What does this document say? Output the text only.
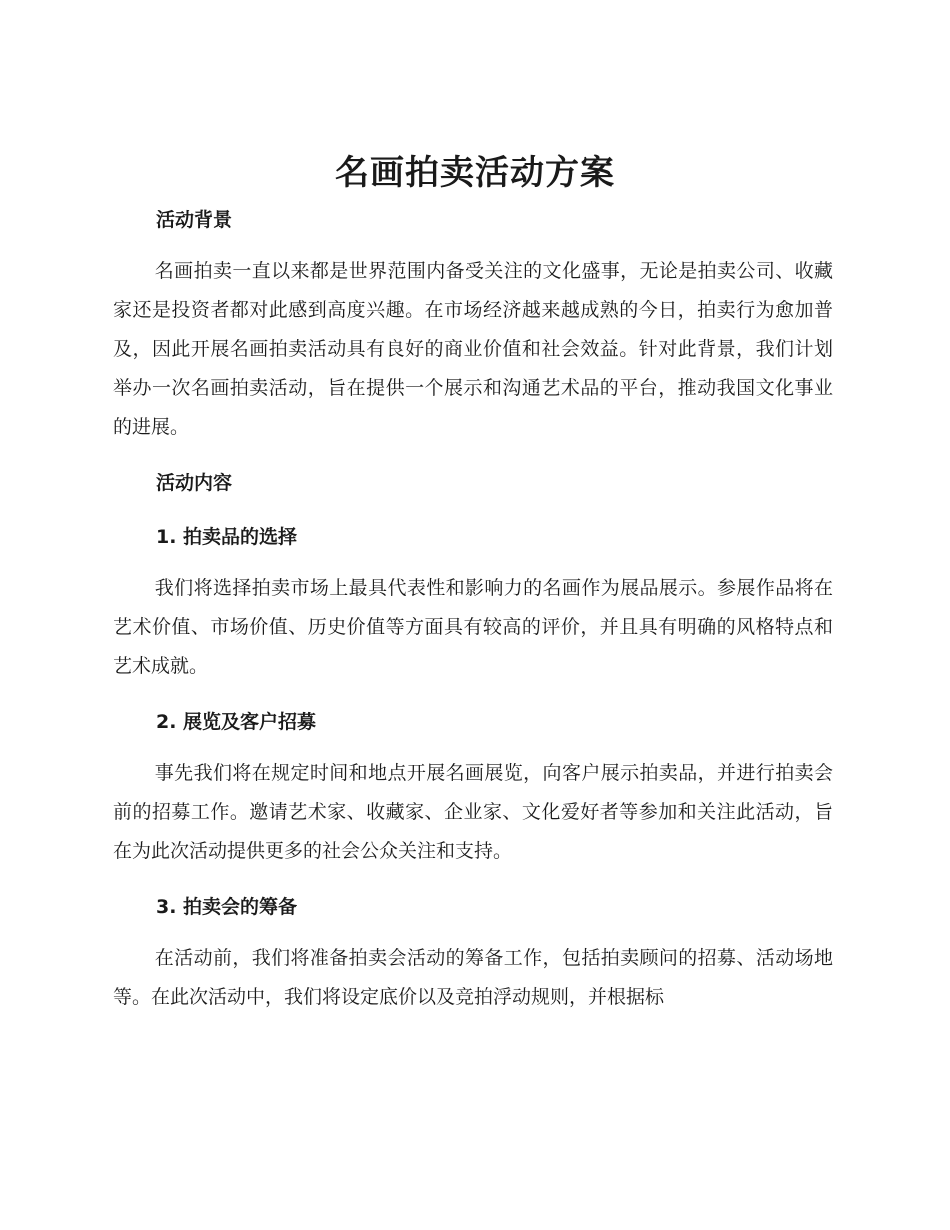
名画拍卖活动方案

活动背景

名画拍卖一直以来都是世界范围内备受关注的文化盛事，无论是拍卖公司、收藏家还是投资者都对此感到高度兴趣。在市场经济越来越成熟的今日，拍卖行为愈加普及，因此开展名画拍卖活动具有良好的商业价值和社会效益。针对此背景，我们计划举办一次名画拍卖活动，旨在提供一个展示和沟通艺术品的平台，推动我国文化事业的进展。

活动内容

1. 拍卖品的选择

我们将选择拍卖市场上最具代表性和影响力的名画作为展品展示。参展作品将在艺术价值、市场价值、历史价值等方面具有较高的评价，并且具有明确的风格特点和艺术成就。

2. 展览及客户招募

事先我们将在规定时间和地点开展名画展览，向客户展示拍卖品，并进行拍卖会前的招募工作。邀请艺术家、收藏家、企业家、文化爱好者等参加和关注此活动，旨在为此次活动提供更多的社会公众关注和支持。

3. 拍卖会的筹备

在活动前，我们将准备拍卖会活动的筹备工作，包括拍卖顾问的招募、活动场地等。在此次活动中，我们将设定底价以及竞拍浮动规则，并根据标
